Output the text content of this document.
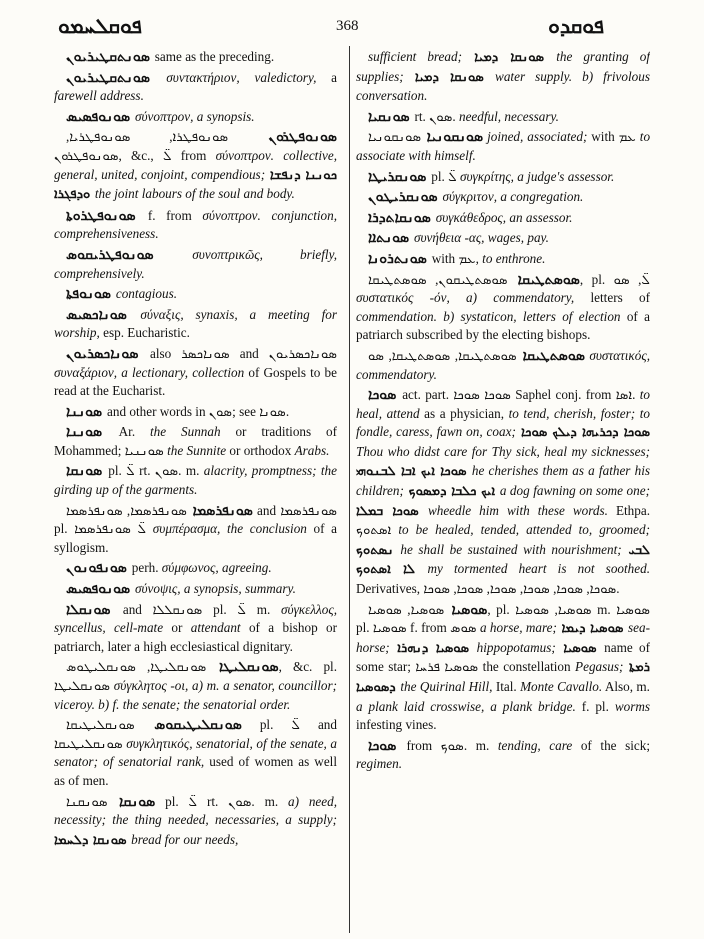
ܦܘܩܠܚܡܘ	368	ܦܘܩܕܘ

ܣܘܢܬܩܛܝܪܝܘܢ same as the preceding.

ܣܘܢܬܩܛܝܪܝܘܢ συντακτήριον, valedictory, a farewell address.

ܣܘܢܘܦܣܝܣ σύνοπτρον, a synopsis.

ܣܘܢܘܦܛܪܘܢ ܣܘܢܘܦܛܪܐ, ܣܘܢܘܦܛܪܝܐ, ܣܘܢܘܦܛܪܘܢ, &c., ܠ̈ from σύνοπτρον. collective, general, united, conjoint, compendious; ܟܘܢܢܐ ܕܢܦܫܐ ܘܕܦܓܪܐ the joint labours of the soul and body.

ܣܘܢܘܦܛܪܘܬܐ f. from σύνοπτρον. conjunction, comprehensiveness.

ܣܘܢܘܦܛܪܝܩܘܣ συνοπτρικῶς, briefly, comprehensively.

ܣܘܢܘܦܬܐ contagious.

ܣܘܢܐܟܣܝܣ σύναξις, synaxis, a meeting for worship, esp. Eucharistic.

ܣܘܢܐܟܣܪܝܘܢ also ܣܘܢܐܟܣܪ and ܣܘܢܐܟܣܪܝܘܢ συναξάριον, a lectionary, collection of Gospels to be read at the Eucharist.

ܣܘܢܢܐ and other words in ܣܘܢ; see ܣܘܢܐ.

ܣܘܢܢܐ Ar. the Sunnah or traditions of Mohammed; ܣܘܢܢܝܐ the Sunnite or orthodox Arabs.

ܣܘܢܩܐ pl. ܠ̈ rt. ܣܘܢ. m. alacrity, promptness; the girding up of the garments.

ܣܘܢܦܪܣܡܐ ܣܘܢܦܪܣܡܐ, ܣܘܢܦܪܣܡܐ and ܣܘܢܦܪܣܡܐ pl. ܠ̈ ܣܘܢܦܪܣܡܐ συμπέρασμα, the conclusion of a syllogism.

ܣܘܢܦܘܢܘܢ perh. σύμφωνος, agreeing.

ܣܘܢܘܦܣܝܣ σύνοψις, a synopsis, summary.

ܣܘܢܩܠܐ and ܣܘܢܩܠܠܐ pl. ܠ̈ m. σύγκελλος, syncellus, cell-mate or attendant of a bishop or patriarch, later a high ecclesiastical dignitary.

ܣܘܢܩܠܝܛܐ ܣܘܢܩܠܝܛܐ, ܣܘܢܩܠܝܛܘܣ, &c. pl. ܣܘܢܩܠܝܛܐ σύγκλητος -οι, a) m. a senator, councillor; viceroy. b) f. the senate; the senatorial order.

ܣܘܢܩܠܝܛܝܩܘܣ ܣܘܢܩܠܝܛܝܩܐ pl. ܠ̈ and ܣܘܢܩܠܝܛܝܩܐ συγκλητικός, senatorial, of the senate, a senator; of senatorial rank, used of women as well as of men.

ܣܘܢܩܐ ܣܘܢܩܢܐ pl. ܠ̈ rt. ܣܘܢ. m. a) need, necessity; the thing needed, necessaries, a supply; ܣܘܢܩܐ ܕܠܚܡܐ bread for our needs,

sufficient bread; ܣܘܢܩܐ ܕܡܝܐ the granting of supplies; ܣܘܢܩܐ ܕܡܝܐ water supply. b) frivolous conversation.

ܣܘܢܩܝܐ rt. ܣܘܢ. needful, necessary.

ܣܘܢܩܘܢܝܐ ܣܘܢܩܘܢܝܐ joined, associated; with ܥܡ to associate with himself.

ܣܘܢܩܪܝܛܐ pl. ܠ̈ συγκρίτης, a judge's assessor.

ܣܘܢܩܪܝܛܘܢ σύγκριτον, a congregation.

ܣܘܢܩܐܬܕܪܐ συγκάθεδρος, an assessor.

ܣܘܢܬܐܐ συνήθεια -ας, wages, pay.

ܣܘܢܬܪܘܢܐ with ܥܡ, to enthrone.

ܣܘܣܬܛܝܩܐ ܣܘܣܬܛܝܩܘܢ, ܣܘܣܬܛܝܩܐ, pl. ܠ̈, ܣܘ συστατικός -όν, a) commendatory, letters of commendation. b) systaticon, letters of election of a patriarch subscribed by the electing bishops.

ܣܘܣܬܛܝܩܐ ܣܘܣܬܛܝܩܐ, ܣܘܣܬܛܝܩܐ, ܣܘ συστατικός, commendatory.

ܣܘܟܐ act. part. ܣܘܟܐ ܣܘܟܐ Saphel conj. from ܐܣܐ. to heal, attend as a physician, to tend, cherish, foster; to fondle, caress, fawn on, coax; ܣܘܟܐ ܕܟܪܝܗܐ ܕܝܠܟ ܣܘܟܐ Thou who didst care for Thy sick, heal my sicknesses; ܣܘܟܐ ܐܝܟ ܐܒܐ ܠܒܢܘܗܝ he cherishes them as a father his children; ܐܝܟ ܟܠܒܐ ܕܡܣܘܟ a dog fawning on some one; ܣܘܟܐ ܒܡܠܐ wheedle him with these words. Ethpa. ܐܣܬܘܟ to be healed, tended, attended to, groomed; ܢܣܬܘܟ he shall be sustained with nourishment; ܠܒܝ ܠܐ ܐܣܬܘܟ my tormented heart is not soothed. Derivatives, ܣܘܟܐ, ܣܘܟܐ, ܣܘܟܐ, ܣܘܟܐ, ܣܘܟܐ, ܣܘܟܐ.

ܣܘܣܝܐ ܣܘܣܝܐ, ܣܘܣܝܐ, pl. ܣܘܣܝܐ, ܣܘܣܝܐ m. ܣܘܣܝܐ pl. ܣܘܣܝܐ f. from ܣܘܣ a horse, mare; ܣܘܣܝܐ ܕܝܡܐ sea-horse; ܣܘܣܝܐ ܕܢܗܪܐ hippopotamus; ܣܘܣܝܐ name of some star; ܣܘܣܝܐ ܦܪܚܐ the constellation Pegasus; ܪܡܬܐ ܕܣܘܣܝܐ the Quirinal Hill, Ital. Monte Cavallo. Also, m. a plank laid crosswise, a plank bridge. f. pl. worms infesting vines.

ܣܘܟܐ from ܣܘܟ. m. tending, care of the sick; regimen.
